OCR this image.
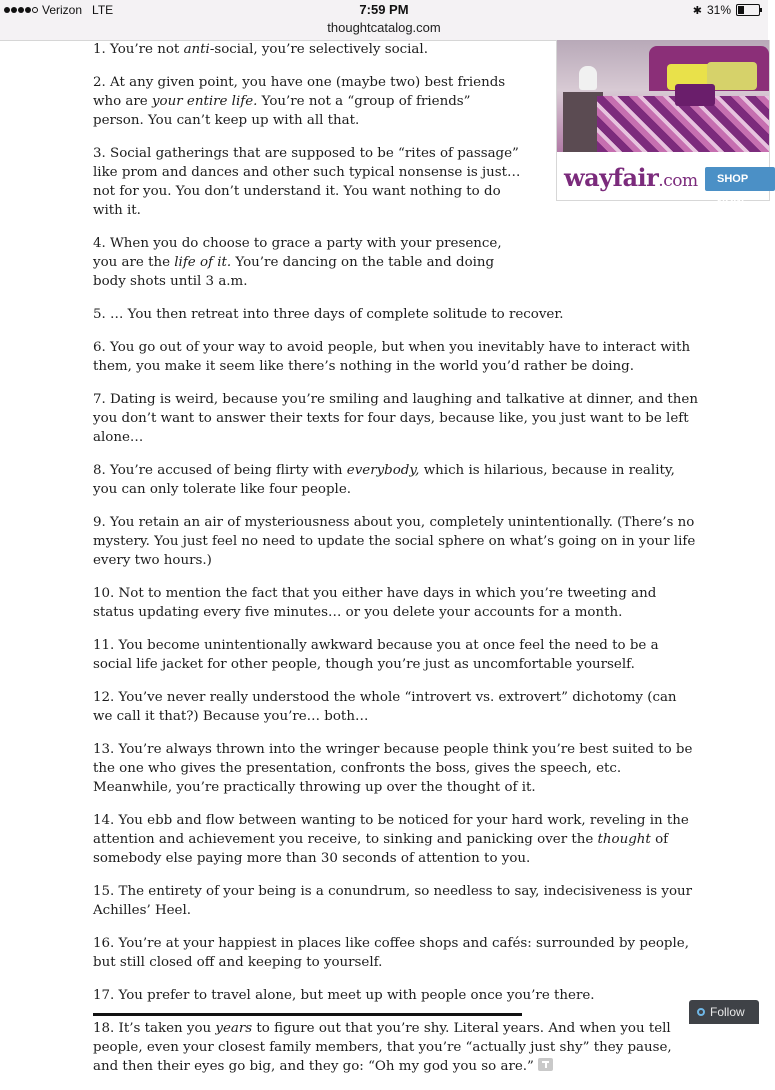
Verizon LTE	7:59 PM
thoughtcatalog.com
✱ 31%

1. You’re not anti-social, you’re selectively social.

2. At any given point, you have one (maybe two) best friends who are your entire life. You’re not a “group of friends” person. You can’t keep up with all that.

3. Social gatherings that are supposed to be “rites of passage” like prom and dances and other such typical nonsense is just… not for you. You don’t understand it. You want nothing to do with it.

4. When you do choose to grace a party with your presence, you are the life of it. You’re dancing on the table and doing body shots until 3 a.m.

5. … You then retreat into three days of complete solitude to recover.

6. You go out of your way to avoid people, but when you inevitably have to interact with them, you make it seem like there’s nothing in the world you’d rather be doing.

7. Dating is weird, because you’re smiling and laughing and talkative at dinner, and then you don’t want to answer their texts for four days, because like, you just want to be left alone…

8. You’re accused of being flirty with everybody, which is hilarious, because in reality, you can only tolerate like four people.

9. You retain an air of mysteriousness about you, completely unintentionally. (There’s no mystery. You just feel no need to update the social sphere on what’s going on in your life every two hours.)

10. Not to mention the fact that you either have days in which you’re tweeting and status updating every five minutes… or you delete your accounts for a month.

11. You become unintentionally awkward because you at once feel the need to be a social life jacket for other people, though you’re just as uncomfortable yourself.

12. You’ve never really understood the whole “introvert vs. extrovert” dichotomy (can we call it that?) Because you’re… both…

13. You’re always thrown into the wringer because people think you’re best suited to be the one who gives the presentation, confronts the boss, gives the speech, etc. Meanwhile, you’re practically throwing up over the thought of it.

14. You ebb and flow between wanting to be noticed for your hard work, reveling in the attention and achievement you receive, to sinking and panicking over the thought of somebody else paying more than 30 seconds of attention to you.

15. The entirety of your being is a conundrum, so needless to say, indecisiveness is your Achilles’ Heel.

16. You’re at your happiest in places like coffee shops and cafés: surrounded by people, but still closed off and keeping to yourself.

17. You prefer to travel alone, but meet up with people once you’re there.

18. It’s taken you years to figure out that you’re shy. Literal years. And when you tell people, even your closest family members, that you’re “actually just shy” they pause, and then their eyes go big, and they go: “Oh my god you so are.”

wayfair.com	SHOP NOW
Follow
